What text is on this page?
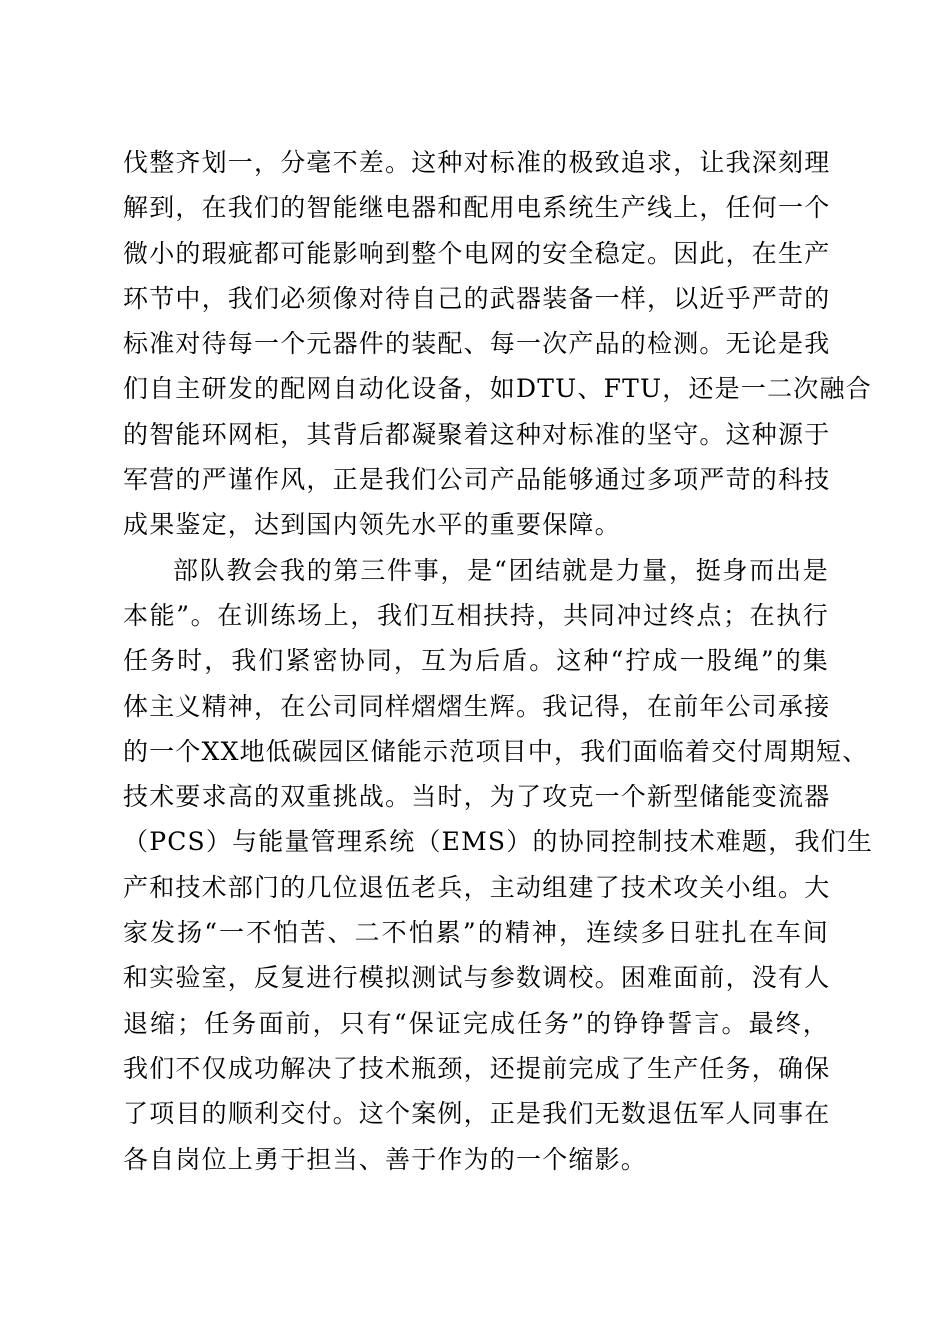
伐整齐划一，分毫不差。这种对标准的极致追求，让我深刻理
解到，在我们的智能继电器和配用电系统生产线上，任何一个
微小的瑕疵都可能影响到整个电网的安全稳定。因此，在生产
环节中，我们必须像对待自己的武器装备一样，以近乎严苛的
标准对待每一个元器件的装配、每一次产品的检测。无论是我
们自主研发的配网自动化设备，如DTU、FTU，还是一二次融合
的智能环网柜，其背后都凝聚着这种对标准的坚守。这种源于
军营的严谨作风，正是我们公司产品能够通过多项严苛的科技
成果鉴定，达到国内领先水平的重要保障。
部队教会我的第三件事，是“团结就是力量，挺身而出是
本能”。在训练场上，我们互相扶持，共同冲过终点；在执行
任务时，我们紧密协同，互为后盾。这种“拧成一股绳”的集
体主义精神，在公司同样熠熠生辉。我记得，在前年公司承接
的一个XX地低碳园区储能示范项目中，我们面临着交付周期短、
技术要求高的双重挑战。当时，为了攻克一个新型储能变流器
（PCS）与能量管理系统（EMS）的协同控制技术难题，我们生
产和技术部门的几位退伍老兵，主动组建了技术攻关小组。大
家发扬“一不怕苦、二不怕累”的精神，连续多日驻扎在车间
和实验室，反复进行模拟测试与参数调校。困难面前，没有人
退缩；任务面前，只有“保证完成任务”的铮铮誓言。最终，
我们不仅成功解决了技术瓶颈，还提前完成了生产任务，确保
了项目的顺利交付。这个案例，正是我们无数退伍军人同事在
各自岗位上勇于担当、善于作为的一个缩影。
